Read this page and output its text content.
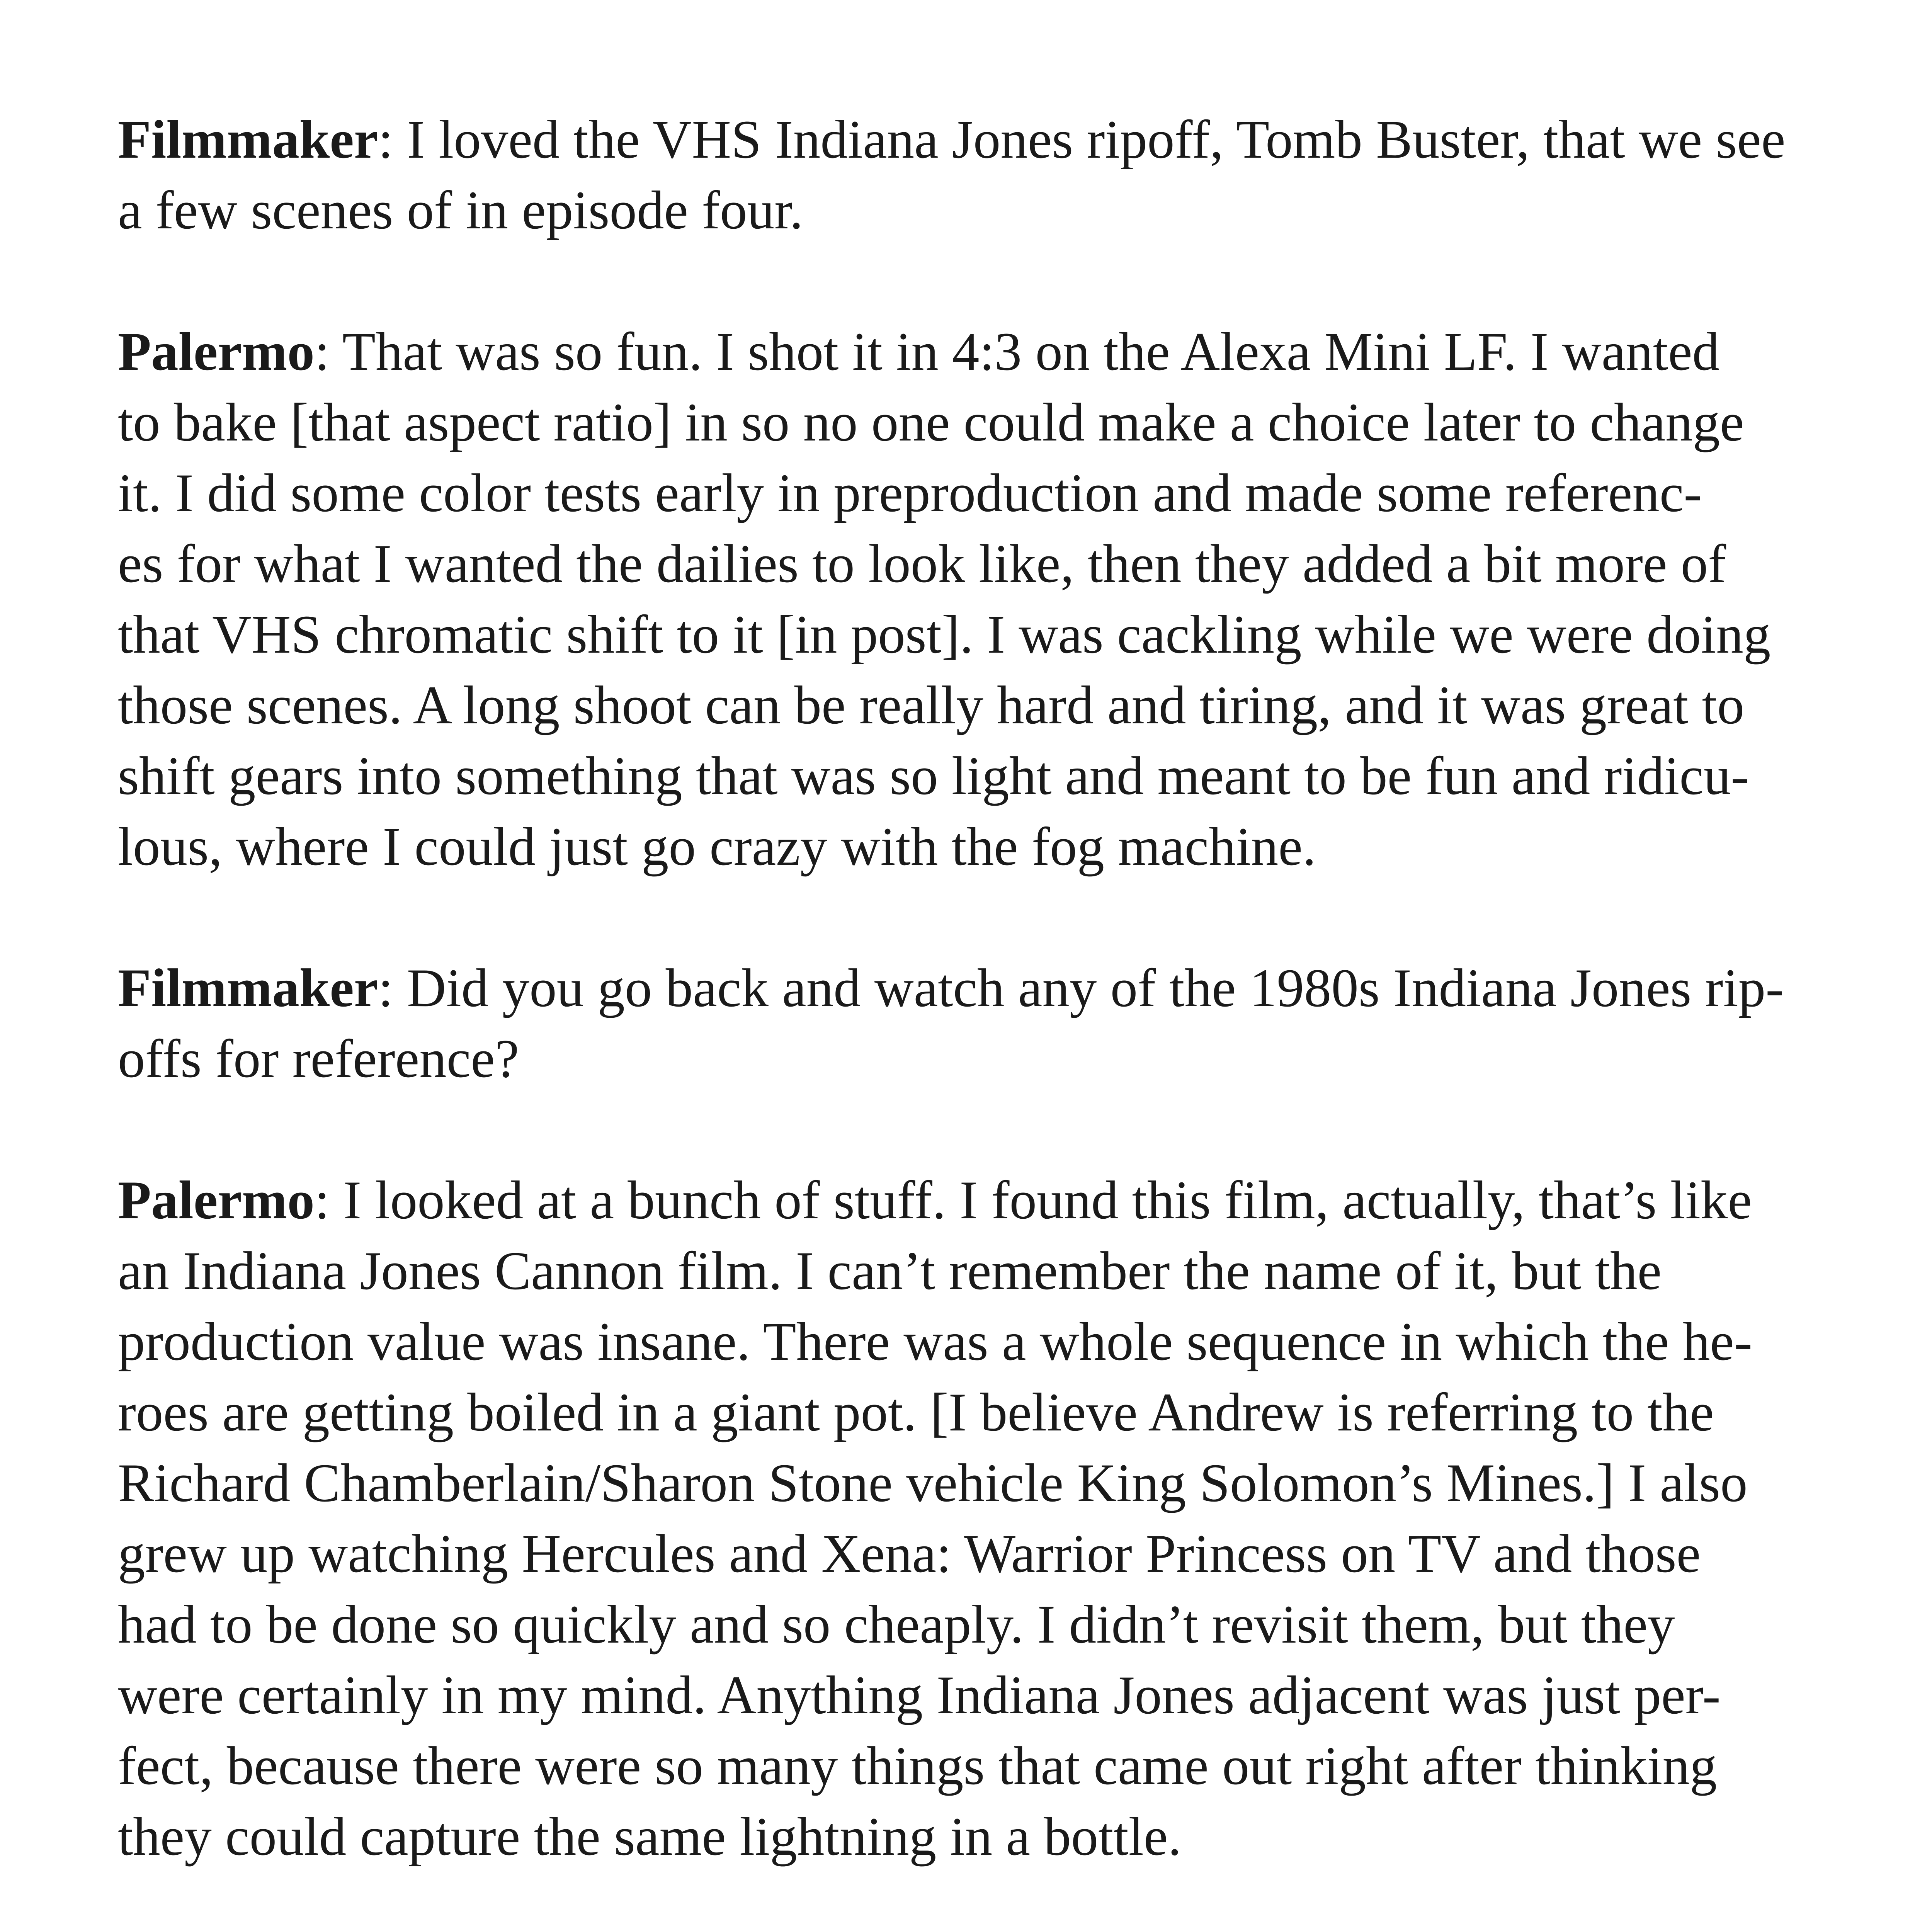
Filmmaker: I loved the VHS Indiana Jones ripoff, Tomb Buster, that we see
a few scenes of in episode four.

Palermo: That was so fun. I shot it in 4:3 on the Alexa Mini LF. I wanted
to bake [that aspect ratio] in so no one could make a choice later to change
it. I did some color tests early in preproduction and made some referenc-
es for what I wanted the dailies to look like, then they added a bit more of
that VHS chromatic shift to it [in post]. I was cackling while we were doing
those scenes. A long shoot can be really hard and tiring, and it was great to
shift gears into something that was so light and meant to be fun and ridicu-
lous, where I could just go crazy with the fog machine.

Filmmaker: Did you go back and watch any of the 1980s Indiana Jones rip-
offs for reference?

Palermo: I looked at a bunch of stuff. I found this film, actually, that’s like
an Indiana Jones Cannon film. I can’t remember the name of it, but the
production value was insane. There was a whole sequence in which the he-
roes are getting boiled in a giant pot. [I believe Andrew is referring to the
Richard Chamberlain/Sharon Stone vehicle King Solomon’s Mines.] I also
grew up watching Hercules and Xena: Warrior Princess on TV and those
had to be done so quickly and so cheaply. I didn’t revisit them, but they
were certainly in my mind. Anything Indiana Jones adjacent was just per-
fect, because there were so many things that came out right after thinking
they could capture the same lightning in a bottle.
